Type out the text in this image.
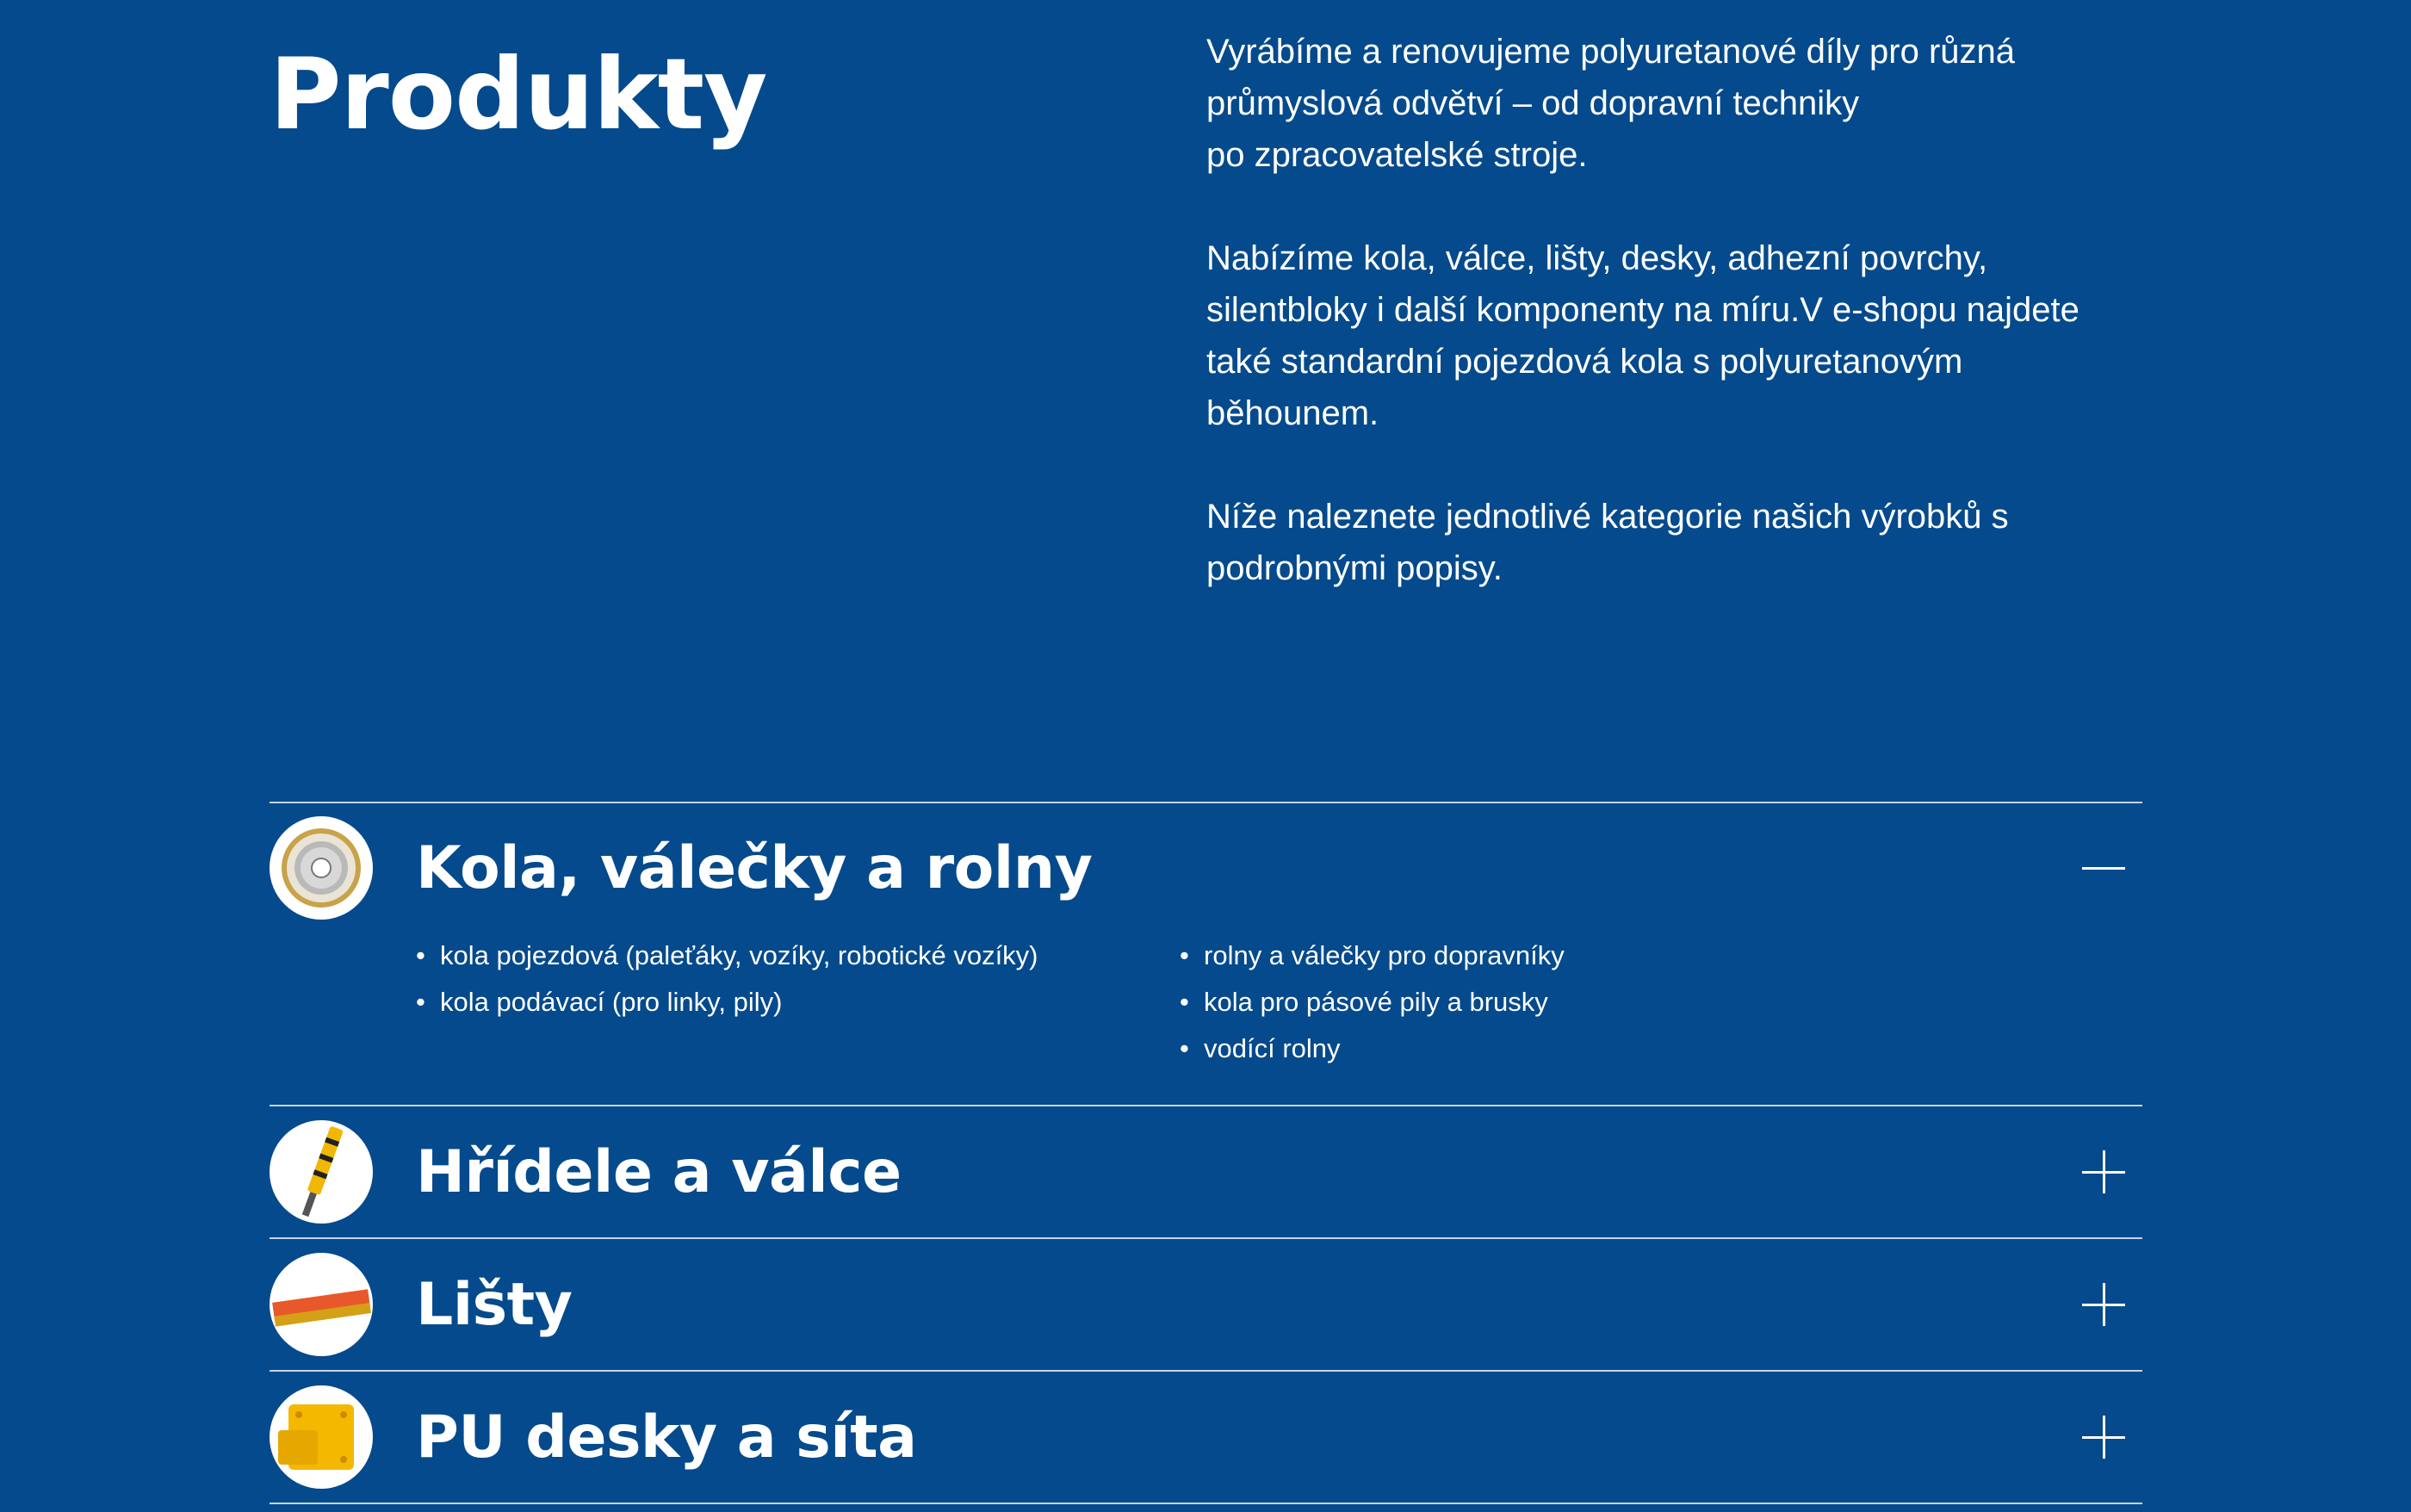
Produkty	Vyrábíme a renovujeme polyuretanové díly pro různá
průmyslová odvětví – od dopravní techniky
po zpracovatelské stroje.

Nabízíme kola, válce, lišty, desky, adhezní povrchy,
silentbloky i další komponenty na míru.V e-shopu najdete
také standardní pojezdová kola s polyuretanovým
běhounem.

Níže naleznete jednotlivé kategorie našich výrobků s
podrobnými popisy.

Kola, válečky a rolny
• kola pojezdová (paleťáky, vozíky, robotické vozíky)
• kola podávací (pro linky, pily)
• rolny a válečky pro dopravníky
• kola pro pásové pily a brusky
• vodící rolny
Hřídele a válce
Lišty
PU desky a síta
